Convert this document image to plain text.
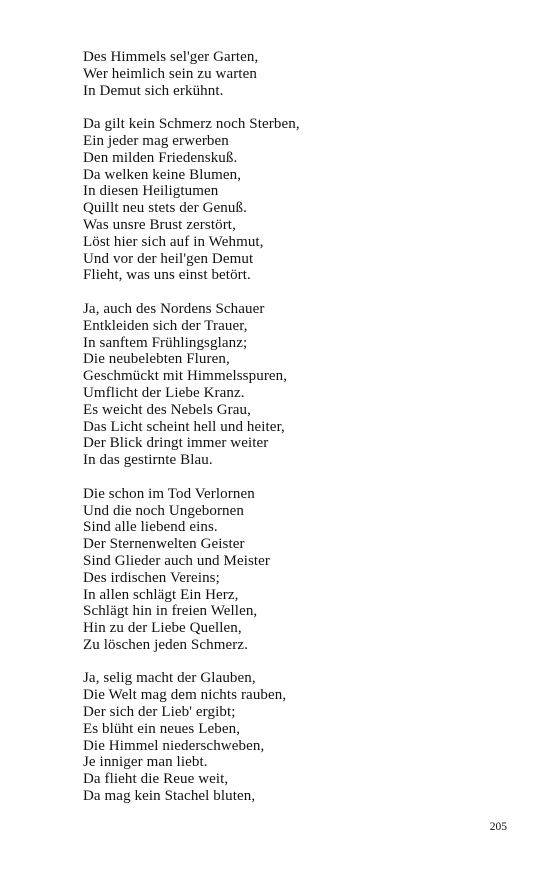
Des Himmels sel'ger Garten,
Wer heimlich sein zu warten
In Demut sich erkühnt.
Da gilt kein Schmerz noch Sterben,
Ein jeder mag erwerben
Den milden Friedenskuß.
Da welken keine Blumen,
In diesen Heiligtumen
Quillt neu stets der Genuß.
Was unsre Brust zerstört,
Löst hier sich auf in Wehmut,
Und vor der heil'gen Demut
Flieht, was uns einst betört.
Ja, auch des Nordens Schauer
Entkleiden sich der Trauer,
In sanftem Frühlingsglanz;
Die neubelebten Fluren,
Geschmückt mit Himmelsspuren,
Umflicht der Liebe Kranz.
Es weicht des Nebels Grau,
Das Licht scheint hell und heiter,
Der Blick dringt immer weiter
In das gestirnte Blau.
Die schon im Tod Verlornen
Und die noch Ungebornen
Sind alle liebend eins.
Der Sternenwelten Geister
Sind Glieder auch und Meister
Des irdischen Vereins;
In allen schlägt Ein Herz,
Schlägt hin in freien Wellen,
Hin zu der Liebe Quellen,
Zu löschen jeden Schmerz.
Ja, selig macht der Glauben,
Die Welt mag dem nichts rauben,
Der sich der Lieb' ergibt;
Es blüht ein neues Leben,
Die Himmel niederschweben,
Je inniger man liebt.
Da flieht die Reue weit,
Da mag kein Stachel bluten,
205
